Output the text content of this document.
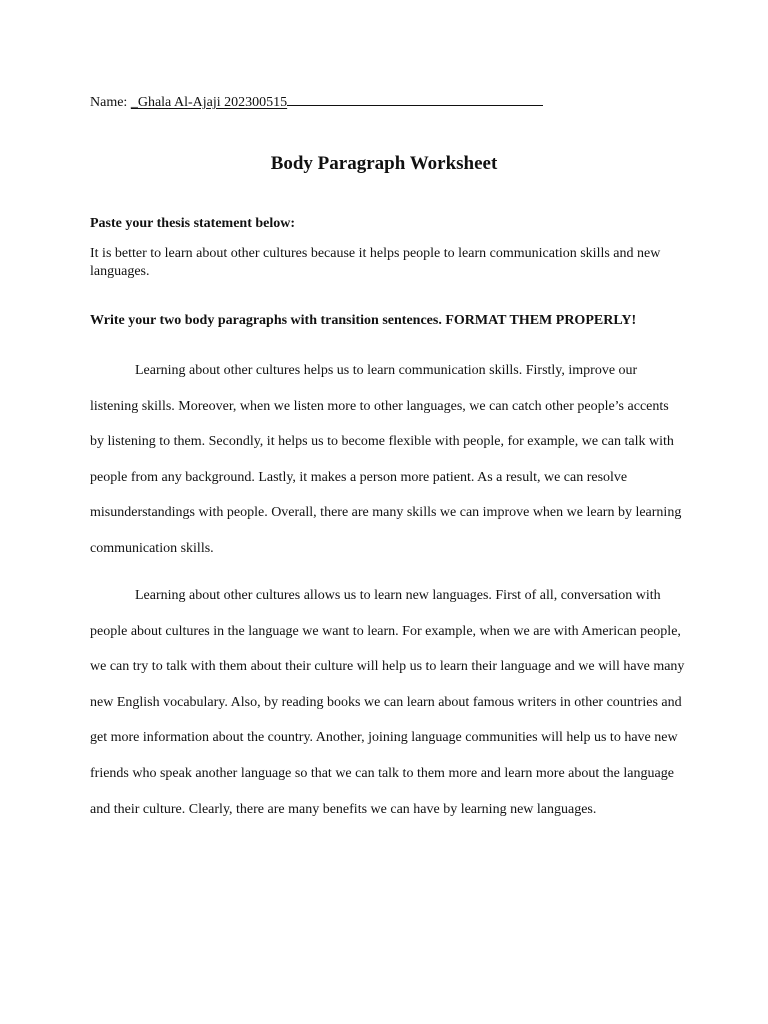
Name: _Ghala Al-Ajaji 202300515
Body Paragraph Worksheet
Paste your thesis statement below:
It is better to learn about other cultures because it helps people to learn communication skills and new languages.
Write your two body paragraphs with transition sentences. FORMAT THEM PROPERLY!

Learning about other cultures helps us to learn communication skills. Firstly, improve our listening skills. Moreover, when we listen more to other languages, we can catch other people’s accents by listening to them. Secondly, it helps us to become flexible with people, for example, we can talk with people from any background. Lastly, it makes a person more patient. As a result, we can resolve misunderstandings with people. Overall, there are many skills we can improve when we learn by learning communication skills.

Learning about other cultures allows us to learn new languages. First of all, conversation with people about cultures in the language we want to learn. For example, when we are with American people, we can try to talk with them about their culture will help us to learn their language and we will have many new English vocabulary. Also, by reading books we can learn about famous writers in other countries and get more information about the country. Another, joining language communities will help us to have new friends who speak another language so that we can talk to them more and learn more about the language and their culture. Clearly, there are many benefits we can have by learning new languages.
